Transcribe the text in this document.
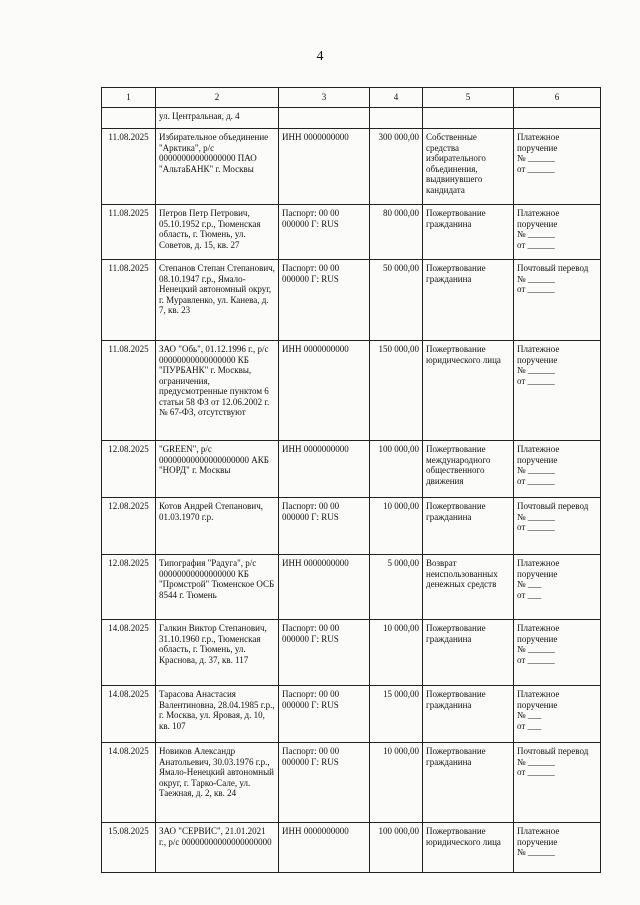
4
1	2	3	4	5	6
	ул. Центральная, д. 4				
11.08.2025	Избирательное объединение "Арктика", р/с 00000000000000000 ПАО "АльтаБАНК" г. Москвы	ИНН 0000000000	300 000,00	Собственные средства избирательного объединения, выдвинувшего кандидата	Платежное поручение
№ ______
от ______

11.08.2025	Петров Петр Петрович, 05.10.1952 г.р., Тюменская область, г. Тюмень, ул. Советов, д. 15, кв. 27	Паспорт: 00 00 000000 Г: RUS	80 000,00	Пожертвование гражданина	Платежное поручение
№ ______
от ______

11.08.2025	Степанов Степан Степанович, 08.10.1947 г.р., Ямало-Ненецкий автономный округ, г. Муравленко, ул. Канева, д. 7, кв. 23	Паспорт: 00 00 000000 Г: RUS	50 000,00	Пожертвование гражданина	Почтовый перевод
№ ______
от ______

11.08.2025	ЗАО "Обь", 01.12.1996 г., р/с 00000000000000000 КБ "ПУРБАНК" г. Москвы, ограничения, предусмотренные пунктом 6 статьи 58 ФЗ от 12.06.2002 г. № 67-ФЗ, отсутствуют	ИНН 0000000000	150 000,00	Пожертвование юридического лица	Платежное поручение
№ ______
от ______

12.08.2025	"GREEN", р/с 00000000000000000000 АКБ "НОРД" г. Москвы	ИНН 0000000000	100 000,00	Пожертвование международного общественного движения	Платежное поручение
№ ______
от ______

12.08.2025	Котов Андрей Степанович, 01.03.1970 г.р.	Паспорт: 00 00 000000 Г: RUS	10 000,00	Пожертвование гражданина	Почтовый перевод
№ ______
от ______

12.08.2025	Типография "Радуга", р/с 00000000000000000 КБ "Промстрой" Тюменское ОСБ 8544 г. Тюмень	ИНН 0000000000	5 000,00	Возврат неиспользованных денежных средств	Платежное поручение
№ ___
от ___

14.08.2025	Галкин Виктор Степанович, 31.10.1960 г.р., Тюменская область, г. Тюмень, ул. Краснова, д. 37, кв. 117	Паспорт: 00 00 000000 Г: RUS	10 000,00	Пожертвование гражданина	Платежное поручение
№ ______
от ______

14.08.2025	Тарасова Анастасия Валентиновна, 28.04.1985 г.р., г. Москва, ул. Яровая, д. 10, кв. 107	Паспорт: 00 00 000000 Г: RUS	15 000,00	Пожертвование гражданина	Платежное поручение
№ ___
от ___

14.08.2025	Новиков Александр Анатольевич, 30.03.1976 г.р., Ямало-Ненецкий автономный округ, г. Тарко-Сале, ул. Таежная, д. 2, кв. 24	Паспорт: 00 00 000000 Г: RUS	10 000,00	Пожертвование гражданина	Почтовый перевод
№ ______
от ______

15.08.2025	ЗАО "СЕРВИС", 21.01.2021 г., р/с 00000000000000000000	ИНН 0000000000	100 000,00	Пожертвование юридического лица	Платежное поручение
№ ______
